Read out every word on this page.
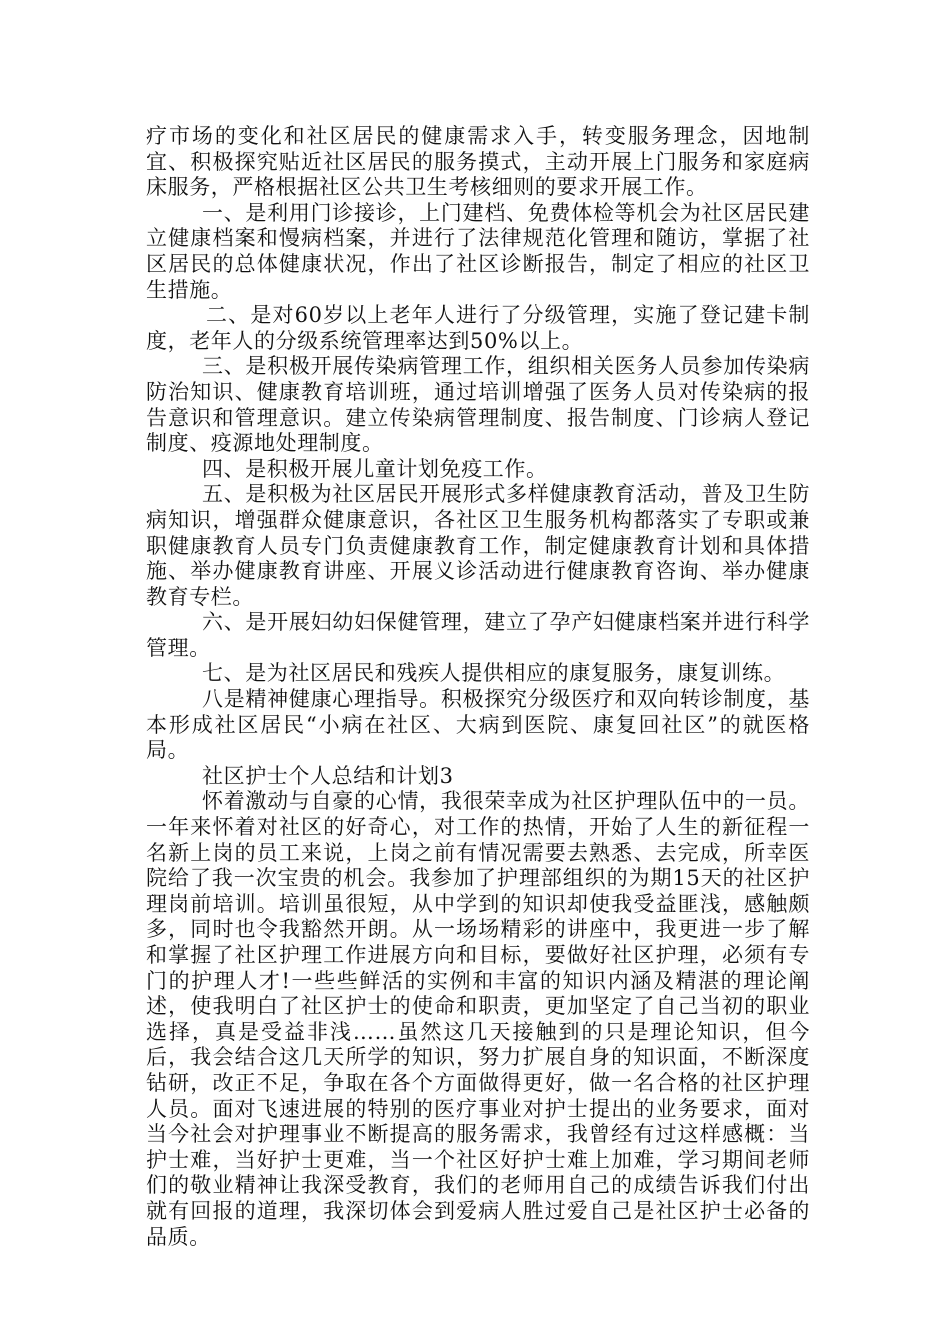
疗市场的变化和社区居民的健康需求入手，转变服务理念，因地制宜、积极探究贴近社区居民的服务摸式，主动开展上门服务和家庭病床服务，严格根据社区公共卫生考核细则的要求开展工作。

一、是利用门诊接诊，上门建档、免费体检等机会为社区居民建立健康档案和慢病档案，并进行了法律规范化管理和随访，掌据了社区居民的总体健康状况，作出了社区诊断报告，制定了相应的社区卫生措施。

二、是对60岁以上老年人进行了分级管理，实施了登记建卡制度，老年人的分级系统管理率达到50%以上。

三、是积极开展传染病管理工作，组织相关医务人员参加传染病防治知识、健康教育培训班，通过培训增强了医务人员对传染病的报告意识和管理意识。建立传染病管理制度、报告制度、门诊病人登记制度、疫源地处理制度。

四、是积极开展儿童计划免疫工作。

五、是积极为社区居民开展形式多样健康教育活动，普及卫生防病知识，增强群众健康意识，各社区卫生服务机构都落实了专职或兼职健康教育人员专门负责健康教育工作，制定健康教育计划和具体措施、举办健康教育讲座、开展义诊活动进行健康教育咨询、举办健康教育专栏。

六、是开展妇幼妇保健管理，建立了孕产妇健康档案并进行科学管理。

七、是为社区居民和残疾人提供相应的康复服务，康复训练。

八是精神健康心理指导。积极探究分级医疗和双向转诊制度，基本形成社区居民“小病在社区、大病到医院、康复回社区”的就医格局。

社区护士个人总结和计划3

怀着激动与自豪的心情，我很荣幸成为社区护理队伍中的一员。一年来怀着对社区的好奇心，对工作的热情，开始了人生的新征程一名新上岗的员工来说，上岗之前有情况需要去熟悉、去完成，所幸医院给了我一次宝贵的机会。我参加了护理部组织的为期15天的社区护理岗前培训。培训虽很短，从中学到的知识却使我受益匪浅，感触颇多，同时也令我豁然开朗。从一场场精彩的讲座中，我更进一步了解和掌握了社区护理工作进展方向和目标，要做好社区护理，必须有专门的护理人才!一些些鲜活的实例和丰富的知识内涵及精湛的理论阐述，使我明白了社区护士的使命和职责，更加坚定了自己当初的职业选择，真是受益非浅……虽然这几天接触到的只是理论知识，但今后，我会结合这几天所学的知识，努力扩展自身的知识面，不断深度钻研，改正不足，争取在各个方面做得更好，做一名合格的社区护理人员。面对飞速进展的特别的医疗事业对护士提出的业务要求，面对当今社会对护理事业不断提高的服务需求，我曾经有过这样感概：当护士难，当好护士更难，当一个社区好护士难上加难，学习期间老师们的敬业精神让我深受教育，我们的老师用自己的成绩告诉我们付出就有回报的道理，我深切体会到爱病人胜过爱自己是社区护士必备的品质。
